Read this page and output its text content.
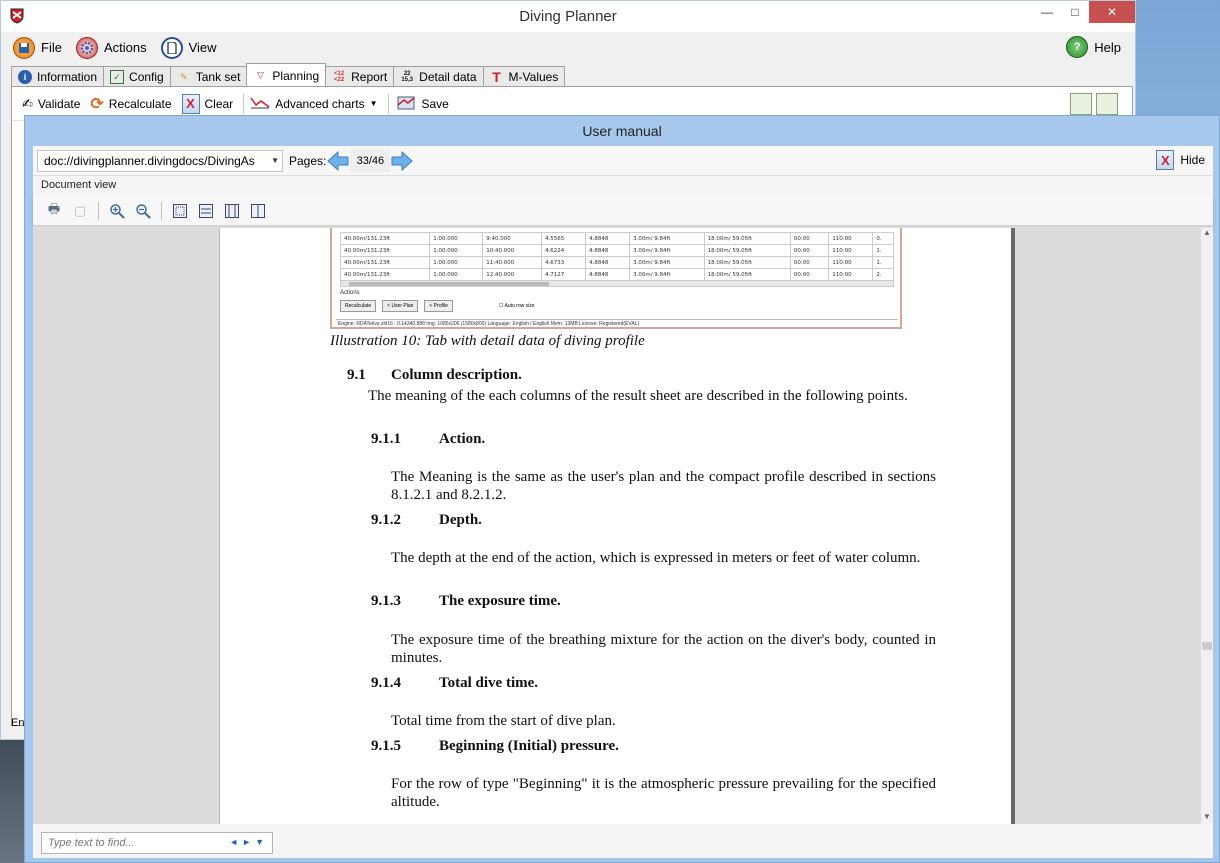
Diving Planner	—	□	✕
File	Actions	View	?	Help
i Information	✓ Config	✎ Tank set	▽ Planning <12
<22 Report	22
15,3 Detail data T M-Values
✍ Validate ⟳ Recalculate	X Clear	Advanced charts ▼	Save
En
User manual
doc://divingplanner.divingdocs/DivingAs ▼ Pages:	33/46	X Hide
Document view
🖶	▢
40.00m/131.23ft	1:00.000	9:40.000	4.5565	4.8848	3.00m/ 9.84ft	18.00m/ 59.05ft	00:00	110:00	0.
40.00m/131.23ft	1:00.000	10:40.000	4.6224	4.8848	3.00m/ 9.84ft	18.00m/ 59.05ft	00:00	110:00	1.
40.00m/131.23ft	1:00.000	11:40.000	4.6733	4.8848	3.00m/ 9.84ft	18.00m/ 59.05ft	00:00	110:00	1.
40.00m/131.23ft	1:00.000	12:40.000	4.7127	4.8848	3.00m/ 9.84ft	18.00m/ 59.05ft	00:00	110:00	2.
Actions
Recalculate	< User Plan	< Profile	☐ Auto row size
Engine: RDATekve.zhl16 : 0.14340.888 Img: 1085x206 (1580x800) Language: English / English Mem: 13MB License: Registered(EVAL)
Illustration 10: Tab with detail data of diving profile
9.1 Column description.
The meaning of the each columns of the result sheet are described in the following points.
9.1.1	Action.
The Meaning is the same as the user's plan and the compact profile described in sections 8.1.2.1 and 8.2.1.2.
9.1.2	Depth.
The depth at the end of the action, which is expressed in meters or feet of water column.
9.1.3	The exposure time.
The exposure time of the breathing mixture for the action on the diver's body, counted in minutes.
9.1.4	Total dive time.
Total time from the start of dive plan.
9.1.5	Beginning (Initial) pressure.
For the row of type "Beginning" it is the atmospheric pressure prevailing for the specified altitude.
▲
▼
Type text to find...	◄►▼
